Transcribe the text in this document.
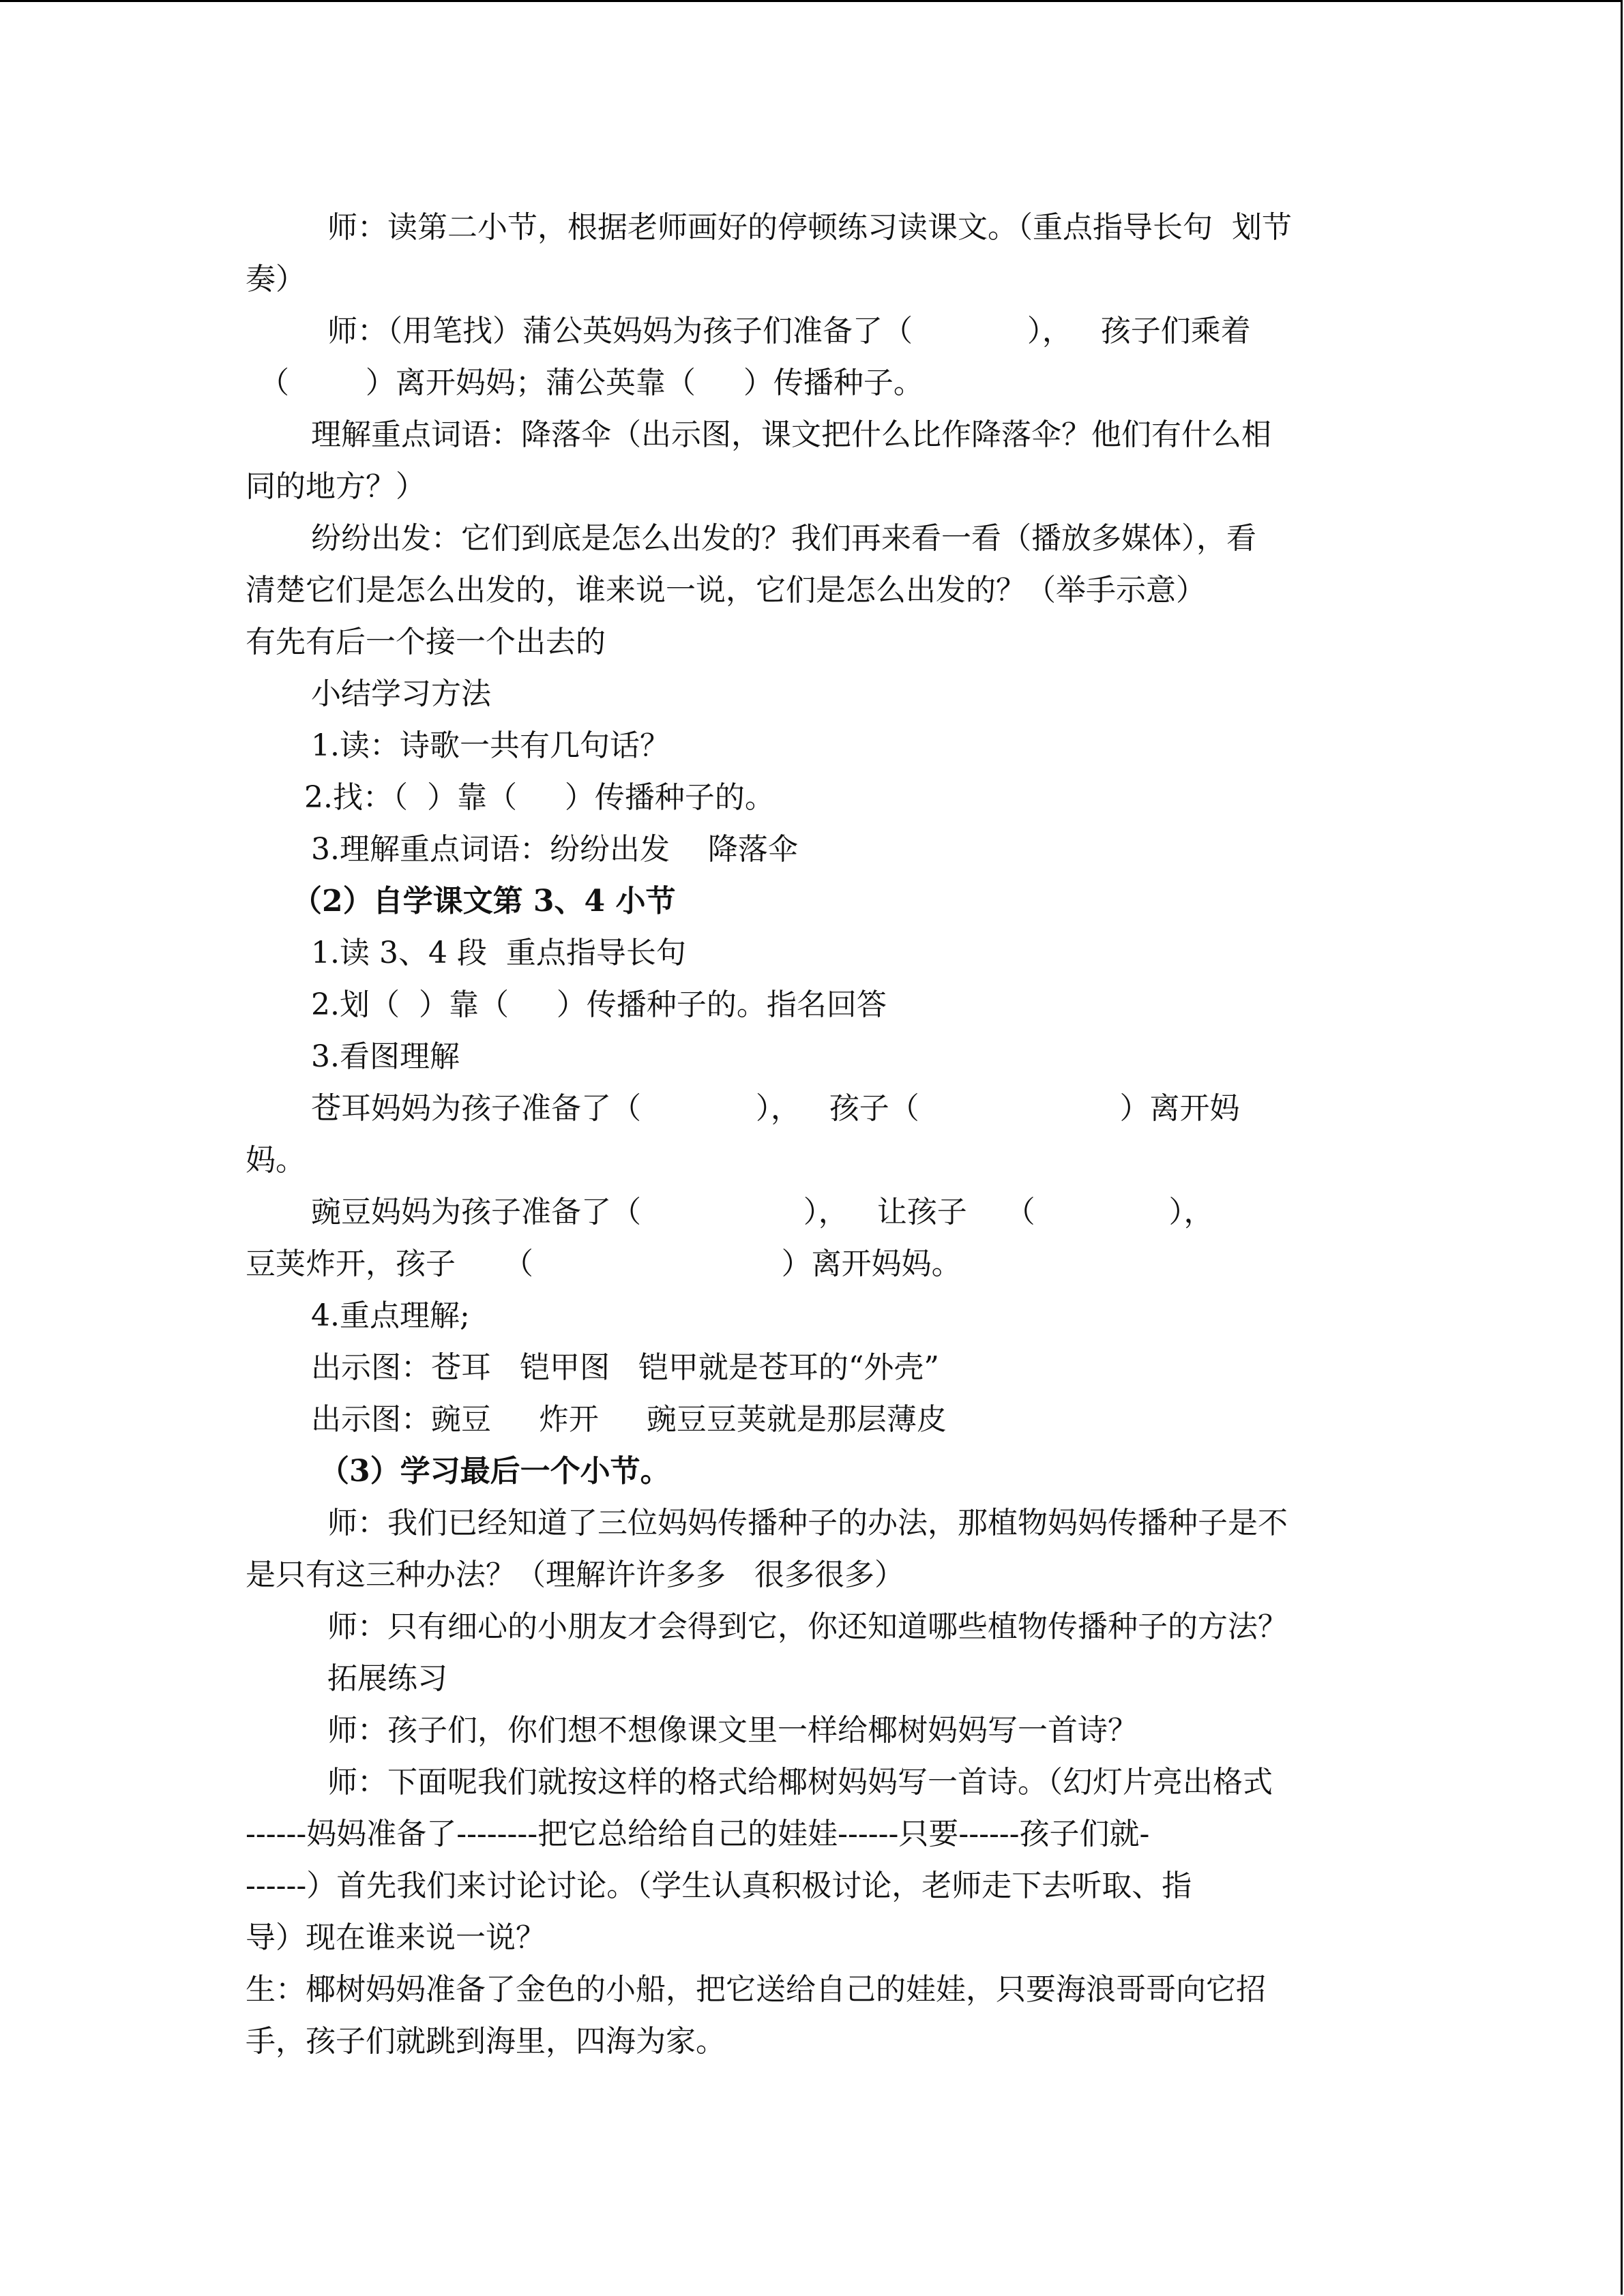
师：读第二小节，根据老师画好的停顿练习读课文。（重点指导长句  划节
奏）
师：（用笔找）蒲公英妈妈为孩子们准备了（            ），   孩子们乘着
（        ）离开妈妈；蒲公英靠（     ）传播种子。
理解重点词语：降落伞（出示图，课文把什么比作降落伞？他们有什么相
同的地方？）
纷纷出发：它们到底是怎么出发的？我们再来看一看（播放多媒体），看
清楚它们是怎么出发的，谁来说一说，它们是怎么出发的？（举手示意）
有先有后一个接一个出去的
小结学习方法
1.读：诗歌一共有几句话？
2.找：（  ）靠（     ）传播种子的。
3.理解重点词语：纷纷出发    降落伞
（2）自学课文第 3、4 小节
1.读 3、4 段  重点指导长句
2.划（  ）靠（     ）传播种子的。指名回答
3.看图理解
苍耳妈妈为孩子准备了（            ），   孩子（                     ）离开妈
妈。
豌豆妈妈为孩子准备了（                 ），   让孩子    （              ），
豆荚炸开，孩子     （                          ）离开妈妈。
4.重点理解;
出示图：苍耳   铠甲图   铠甲就是苍耳的“外壳”
出示图：豌豆     炸开     豌豆豆荚就是那层薄皮
（3）学习最后一个小节。
师：我们已经知道了三位妈妈传播种子的办法，那植物妈妈传播种子是不
是只有这三种办法？（理解许许多多   很多很多）
师：只有细心的小朋友才会得到它，你还知道哪些植物传播种子的方法？
拓展练习
师：孩子们，你们想不想像课文里一样给椰树妈妈写一首诗？
师：下面呢我们就按这样的格式给椰树妈妈写一首诗。（幻灯片亮出格式
------妈妈准备了--------把它总给给自己的娃娃------只要------孩子们就-
------）首先我们来讨论讨论。（学生认真积极讨论，老师走下去听取、指
导）现在谁来说一说？
生：椰树妈妈准备了金色的小船，把它送给自己的娃娃，只要海浪哥哥向它招
手，孩子们就跳到海里，四海为家。
